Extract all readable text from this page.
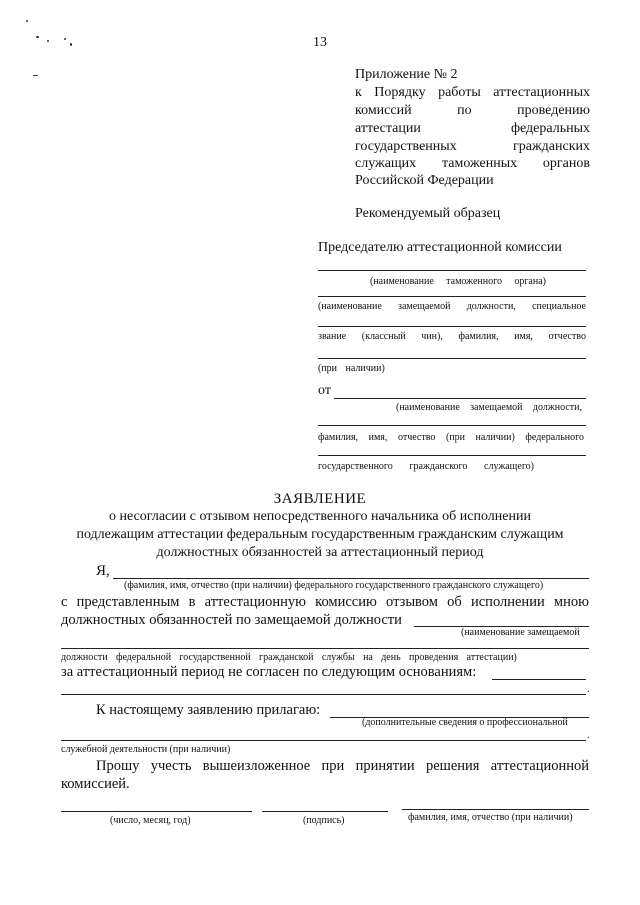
13
Приложение № 2
к Порядку работы аттестационных
комиссий	по	проведению
аттестации	федеральных
государственных	гражданских
служащих таможенных органов
Российской Федерации
Рекомендуемый образец
Председателю аттестационной комиссии
(наименование таможенного органа)
(наименование замещаемой должности, специальное
звание (классный чин), фамилия, имя, отчество
(при наличии)
от
(наименование замещаемой должности,
фамилия, имя, отчество (при наличии) федерального
государственного гражданского служащего)
ЗАЯВЛЕНИЕ
о несогласии с отзывом непосредственного начальника об исполнении
подлежащим аттестации федеральным государственным гражданским служащим
должностных обязанностей за аттестационный период
Я,
(фамилия, имя, отчество (при наличии) федерального государственного гражданского служащего)
с представленным в аттестационную комиссию отзывом об исполнении мною
должностных обязанностей по замещаемой должности
(наименование замещаемой
должности федеральной государственной гражданской службы на день проведения аттестации)
за аттестационный период не согласен по следующим основаниям:
.
К настоящему заявлению прилагаю:
(дополнительные сведения о профессиональной
.
служебной деятельности (при наличии)
Прошу учесть вышеизложенное при принятии решения аттестационной
комиссией.
(число, месяц, год)	(подпись)	фамилия, имя, отчество (при наличии)
